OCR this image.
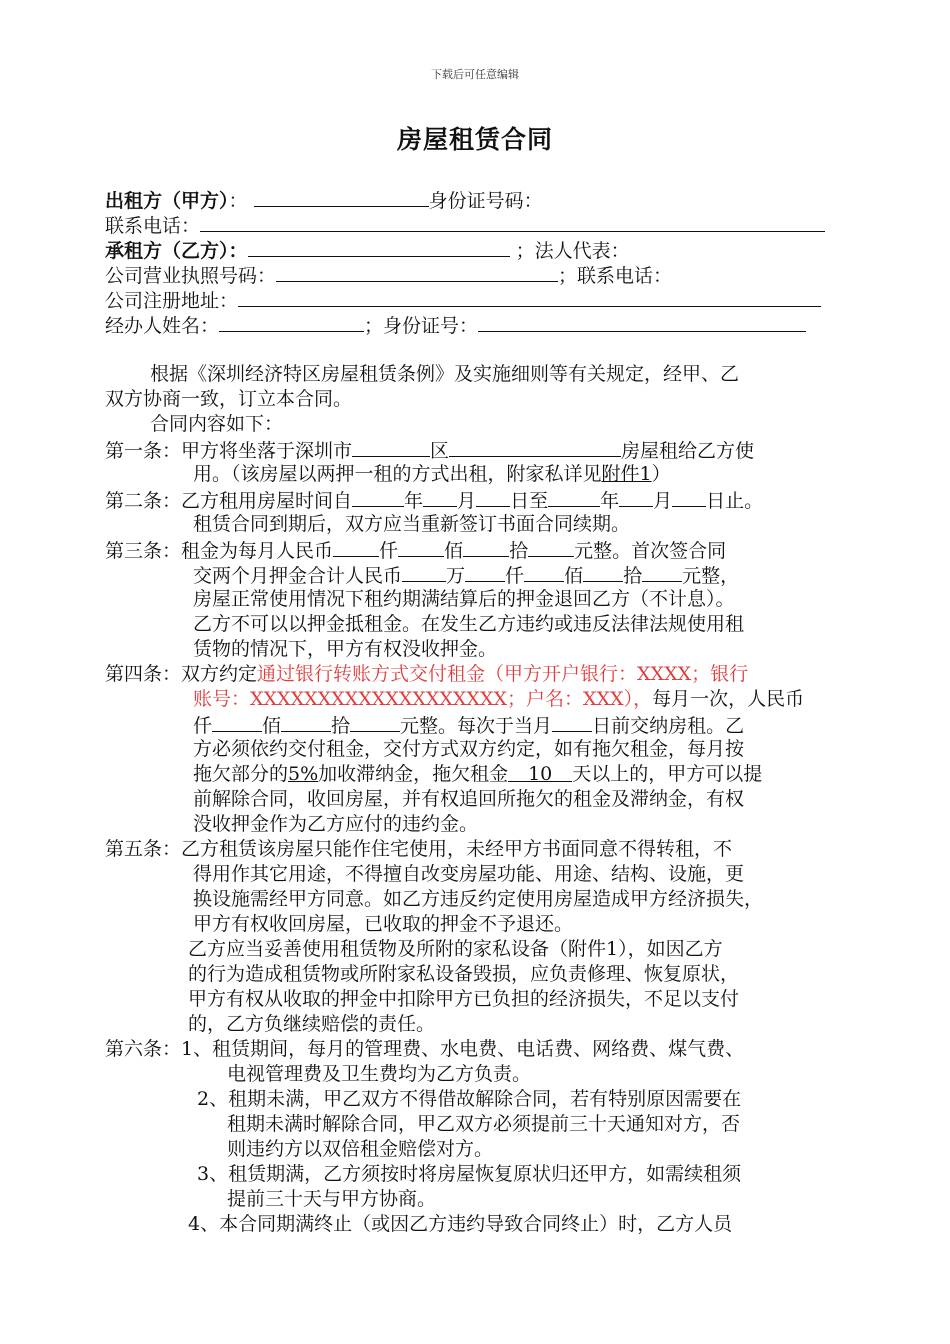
下载后可任意编辑
房屋租赁合同
出租方（甲方）：	身份证号码：
联系电话：
承租方（乙方）：	；法人代表：
公司营业执照号码：	；联系电话：
公司注册地址：
经办人姓名：	；身份证号：
根据《深圳经济特区房屋租赁条例》及实施细则等有关规定，经甲、乙
双方协商一致，订立本合同。
合同内容如下：
第一条：甲方将坐落于深圳市	区	房屋租给乙方使
用。（该房屋以两押一租的方式出租，附家私详见附件1）
第二条：乙方租用房屋时间自	年 月 日至	年 月 日止。
租赁合同到期后，双方应当重新签订书面合同续期。
第三条：租金为每月人民币 仟 佰 拾 元整。首次签合同
交两个月押金合计人民币 万 仟 佰 拾 元整，
房屋正常使用情况下租约期满结算后的押金退回乙方（不计息）。
乙方不可以以押金抵租金。在发生乙方违约或违反法律法规使用租
赁物的情况下，甲方有权没收押金。
第四条：双方约定通过银行转账方式交付租金（甲方开户银行：XXXX；银行
账号：XXXXXXXXXXXXXXXXXXX；户名：XXX），每月一次，人民币
仟	佰	拾	元整。每次于当月 日前交纳房租。乙
方必须依约交付租金，交付方式双方约定，如有拖欠租金，每月按
拖欠部分的5%加收滞纳金，拖欠租金 10 天以上的，甲方可以提
前解除合同，收回房屋，并有权追回所拖欠的租金及滞纳金，有权
没收押金作为乙方应付的违约金。
第五条：乙方租赁该房屋只能作住宅使用，未经甲方书面同意不得转租，不
得用作其它用途，不得擅自改变房屋功能、用途、结构、设施，更
换设施需经甲方同意。如乙方违反约定使用房屋造成甲方经济损失，
甲方有权收回房屋，已收取的押金不予退还。
乙方应当妥善使用租赁物及所附的家私设备（附件1），如因乙方
的行为造成租赁物或所附家私设备毁损，应负责修理、恢复原状，
甲方有权从收取的押金中扣除甲方已负担的经济损失，不足以支付
的，乙方负继续赔偿的责任。
第六条：1、租赁期间，每月的管理费、水电费、电话费、网络费、煤气费、
电视管理费及卫生费均为乙方负责。
2、租期未满，甲乙双方不得借故解除合同，若有特别原因需要在
租期未满时解除合同，甲乙双方必须提前三十天通知对方，否
则违约方以双倍租金赔偿对方。
3、租赁期满，乙方须按时将房屋恢复原状归还甲方，如需续租须
提前三十天与甲方协商。
4、本合同期满终止（或因乙方违约导致合同终止）时，乙方人员
